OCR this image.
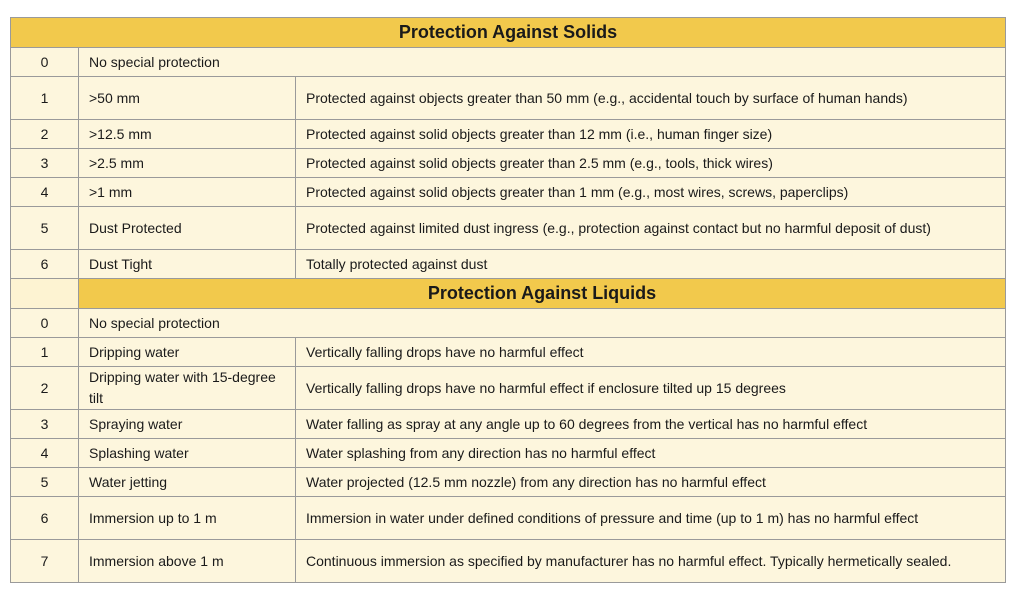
Protection Against Solids		
0	No special protection	
1	>50 mm	Protected against objects greater than 50 mm (e.g., accidental touch by surface of human hands)
2	>12.5 mm	Protected against solid objects greater than 12 mm (i.e., human finger size)
3	>2.5 mm	Protected against solid objects greater than 2.5 mm (e.g., tools, thick wires)
4	>1 mm	Protected against solid objects greater than 1 mm (e.g., most wires, screws, paperclips)
5	Dust Protected	Protected against limited dust ingress (e.g., protection against contact but no harmful deposit of dust)
6	Dust Tight	Totally protected against dust
	Protection Against Liquids	
0	No special protection	
1	Dripping water	Vertically falling drops have no harmful effect
2	Dripping water with 15-degree tilt	Vertically falling drops have no harmful effect if enclosure tilted up 15 degrees
3	Spraying water	Water falling as spray at any angle up to 60 degrees from the vertical has no harmful effect
4	Splashing water	Water splashing from any direction has no harmful effect
5	Water jetting	Water projected (12.5 mm nozzle) from any direction has no harmful effect
6	Immersion up to 1 m	Immersion in water under defined conditions of pressure and time (up to 1 m) has no harmful effect
7	Immersion above 1 m	Continuous immersion as specified by manufacturer has no harmful effect. Typically hermetically sealed.
